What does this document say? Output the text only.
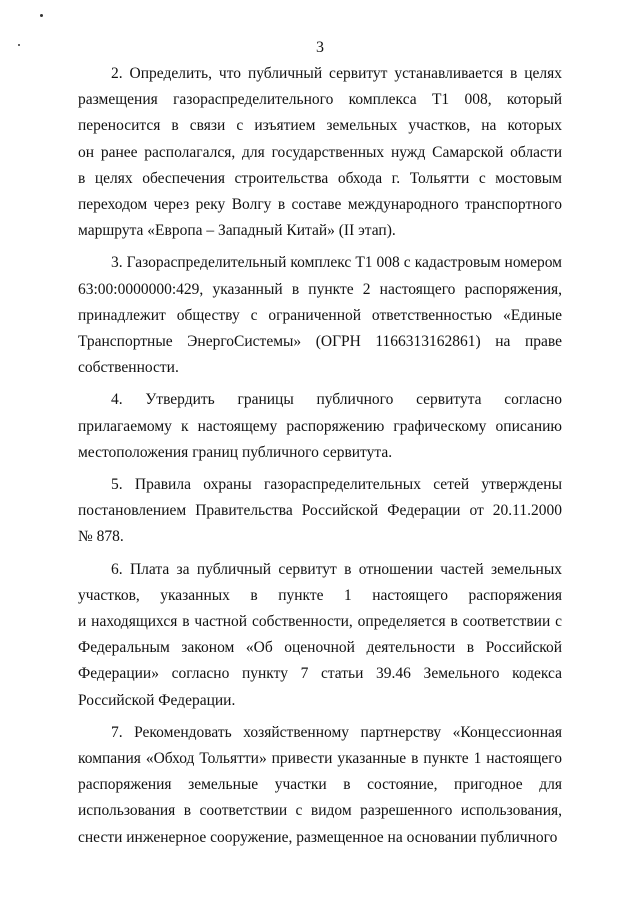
3
2. Определить, что публичный сервитут устанавливается в целях
размещения газораспределительного комплекса Т1 008, который
переносится в связи с изъятием земельных участков, на которых
он ранее располагался, для государственных нужд Самарской области
в целях обеспечения строительства обхода г. Тольятти с мостовым
переходом через реку Волгу в составе международного транспортного
маршрута «Европа – Западный Китай» (II этап).
3. Газораспределительный комплекс Т1 008 с кадастровым номером
63:00:0000000:429, указанный в пункте 2 настоящего распоряжения,
принадлежит обществу с ограниченной ответственностью «Единые
Транспортные ЭнергоСистемы» (ОГРН 1166313162861) на праве
собственности.
4. Утвердить границы публичного сервитута согласно
прилагаемому к настоящему распоряжению графическому описанию
местоположения границ публичного сервитута.
5. Правила охраны газораспределительных сетей утверждены
постановлением Правительства Российской Федерации от 20.11.2000
№ 878.
6. Плата за публичный сервитут в отношении частей земельных
участков, указанных в пункте 1 настоящего распоряжения
и находящихся в частной собственности, определяется в соответствии с
Федеральным законом «Об оценочной деятельности в Российской
Федерации» согласно пункту 7 статьи 39.46 Земельного кодекса
Российской Федерации.
7. Рекомендовать хозяйственному партнерству «Концессионная
компания «Обход Тольятти» привести указанные в пункте 1 настоящего
распоряжения земельные участки в состояние, пригодное для
использования в соответствии с видом разрешенного использования,
снести инженерное сооружение, размещенное на основании публичного
